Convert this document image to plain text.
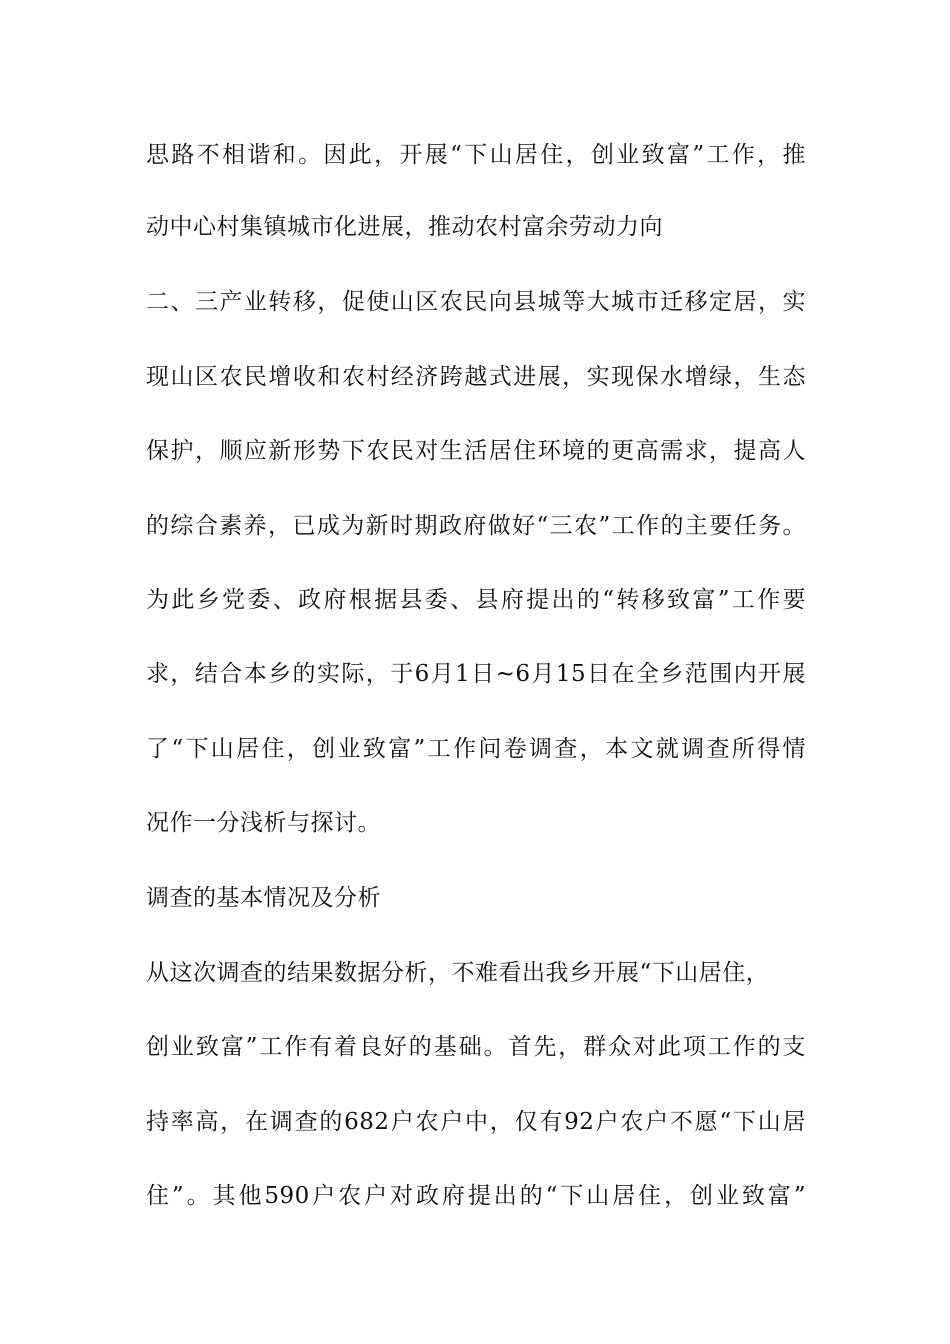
思路不相谐和。因此，开展“下山居住，创业致富”工作，推
动中心村集镇城市化进展，推动农村富余劳动力向
二、三产业转移，促使山区农民向县城等大城市迁移定居，实
现山区农民增收和农村经济跨越式进展，实现保水增绿，生态
保护，顺应新形势下农民对生活居住环境的更高需求，提高人
的综合素养，已成为新时期政府做好“三农”工作的主要任务。
为此乡党委、政府根据县委、县府提出的“转移致富”工作要
求，结合本乡的实际，于6月1日~6月15日在全乡范围内开展
了“下山居住，创业致富”工作问卷调查，本文就调查所得情
况作一分浅析与探讨。
调查的基本情况及分析
从这次调查的结果数据分析，不难看出我乡开展“下山居住，
创业致富”工作有着良好的基础。首先，群众对此项工作的支
持率高，在调查的682户农户中，仅有92户农户不愿“下山居
住”。其他590户农户对政府提出的“下山居住，创业致富”
